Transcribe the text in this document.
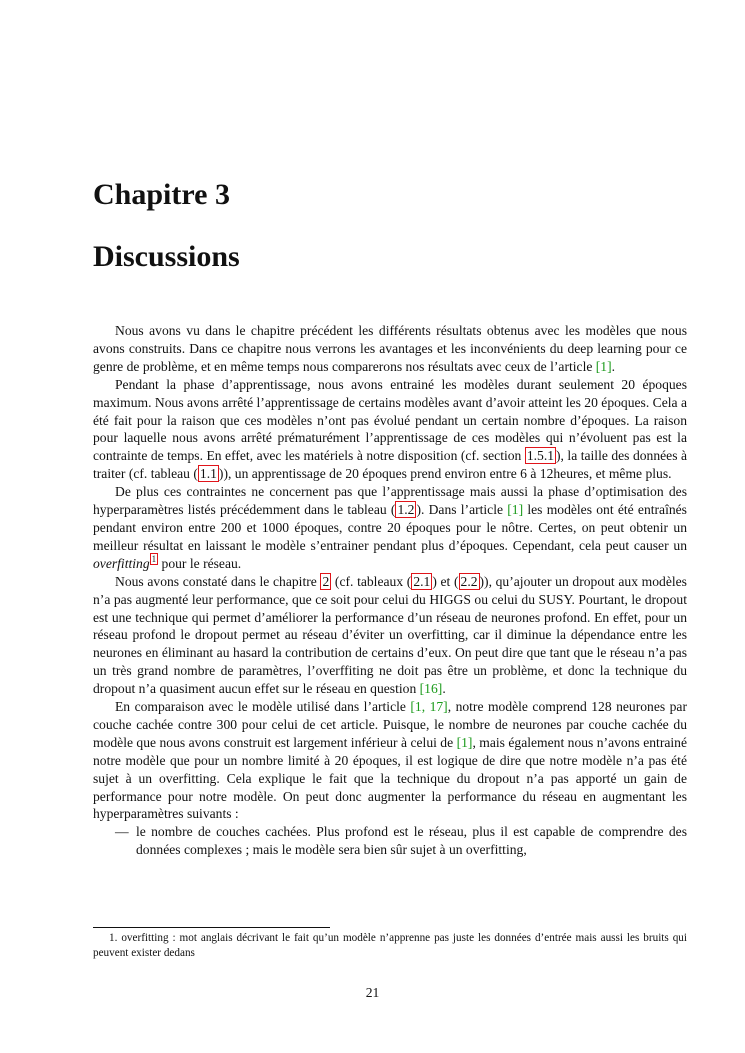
Chapitre 3
Discussions

Nous avons vu dans le chapitre précédent les différents résultats obtenus avec les modèles que nous avons construits. Dans ce chapitre nous verrons les avantages et les inconvénients du deep learning pour ce genre de problème, et en même temps nous comparerons nos résultats avec ceux de l’article [1].

Pendant la phase d’apprentissage, nous avons entrainé les modèles durant seulement 20 époques maximum. Nous avons arrêté l’apprentissage de certains modèles avant d’avoir atteint les 20 époques. Cela a été fait pour la raison que ces modèles n’ont pas évolué pendant un certain nombre d’époques. La raison pour laquelle nous avons arrêté prématurément l’apprentissage de ces modèles qui n’évoluent pas est la contrainte de temps. En effet, avec les matériels à notre disposition (cf. section 1.5.1 ), la taille des données à traiter (cf. tableau ( 1.1 )), un apprentissage de 20 époques prend environ entre 6 à 12heures, et même plus.

De plus ces contraintes ne concernent pas que l’apprentissage mais aussi la phase d’optimisation des hyperparamètres listés précédemment dans le tableau ( 1.2 ). Dans l’article [1] les modèles ont été entraînés pendant environ entre 200 et 1000 époques, contre 20 époques pour le nôtre. Certes, on peut obtenir un meilleur résultat en laissant le modèle s’entrainer pendant plus d’époques. Cependant, cela peut causer un overfitting $^1$ pour le réseau.

Nous avons constaté dans le chapitre 2 (cf. tableaux ( 2.1 ) et ( 2.2 )), qu’ajouter un dropout aux modèles n’a pas augmenté leur performance, que ce soit pour celui du HIGGS ou celui du SUSY. Pourtant, le dropout est une technique qui permet d’améliorer la performance d’un réseau de neurones profond. En effet, pour un réseau profond le dropout permet au réseau d’éviter un overfitting, car il diminue la dépendance entre les neurones en éliminant au hasard la contribution de certains d’eux. On peut dire que tant que le réseau n’a pas un très grand nombre de paramètres, l’overffiting ne doit pas être un problème, et donc la technique du dropout n’a quasiment aucun effet sur le réseau en question [16].

En comparaison avec le modèle utilisé dans l’article [1, 17], notre modèle comprend 128 neurones par couche cachée contre 300 pour celui de cet article. Puisque, le nombre de neurones par couche cachée du modèle que nous avons construit est largement inférieur à celui de [1], mais également nous n’avons entrainé notre modèle que pour un nombre limité à 20 époques, il est logique de dire que notre modèle n’a pas été sujet à un overfitting. Cela explique le fait que la technique du dropout n’a pas apporté un gain de performance pour notre modèle. On peut donc augmenter la performance du réseau en augmentant les hyperparamètres suivants :

— le nombre de couches cachées. Plus profond est le réseau, plus il est capable de comprendre des données complexes ; mais le modèle sera bien sûr sujet à un overfitting,
1. overfitting : mot anglais décrivant le fait qu’un modèle n’apprenne pas juste les données d’entrée mais aussi les bruits qui peuvent exister dedans
21
